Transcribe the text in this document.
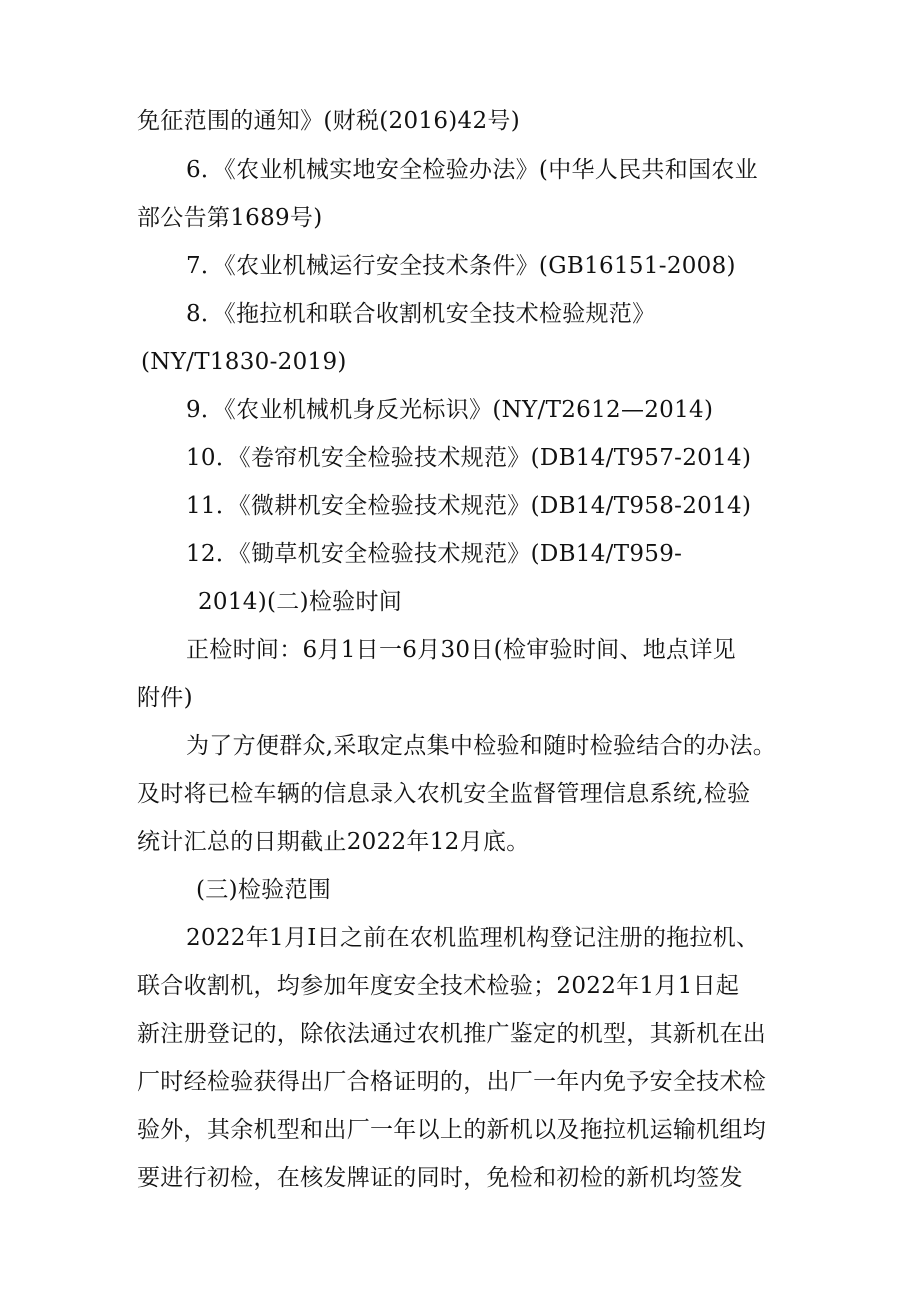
免征范围的通知》(财税(2016)42号)
6．《农业机械实地安全检验办法》(中华人民共和国农业
部公告第1689号)
7．《农业机械运行安全技术条件》(GB16151-2008)
8．《拖拉机和联合收割机安全技术检验规范》
(NY/T1830-2019)
9．《农业机械机身反光标识》(NY/T2612—2014)
10．《卷帘机安全检验技术规范》(DB14/T957-2014)
11．《微耕机安全检验技术规范》(DB14/T958-2014)
12．《锄草机安全检验技术规范》(DB14/T959-
2014)(二)检验时间
正检时间：6月1日一6月30日(检审验时间、地点详见
附件)
为了方便群众,采取定点集中检验和随时检验结合的办法。
及时将已检车辆的信息录入农机安全监督管理信息系统,检验
统计汇总的日期截止2022年12月底。
(三)检验范围
2022年1月I日之前在农机监理机构登记注册的拖拉机、
联合收割机，均参加年度安全技术检验；2022年1月1日起
新注册登记的，除依法通过农机推广鉴定的机型，其新机在出
厂时经检验获得出厂合格证明的，出厂一年内免予安全技术检
验外，其余机型和出厂一年以上的新机以及拖拉机运输机组均
要进行初检，在核发牌证的同时，免检和初检的新机均签发
